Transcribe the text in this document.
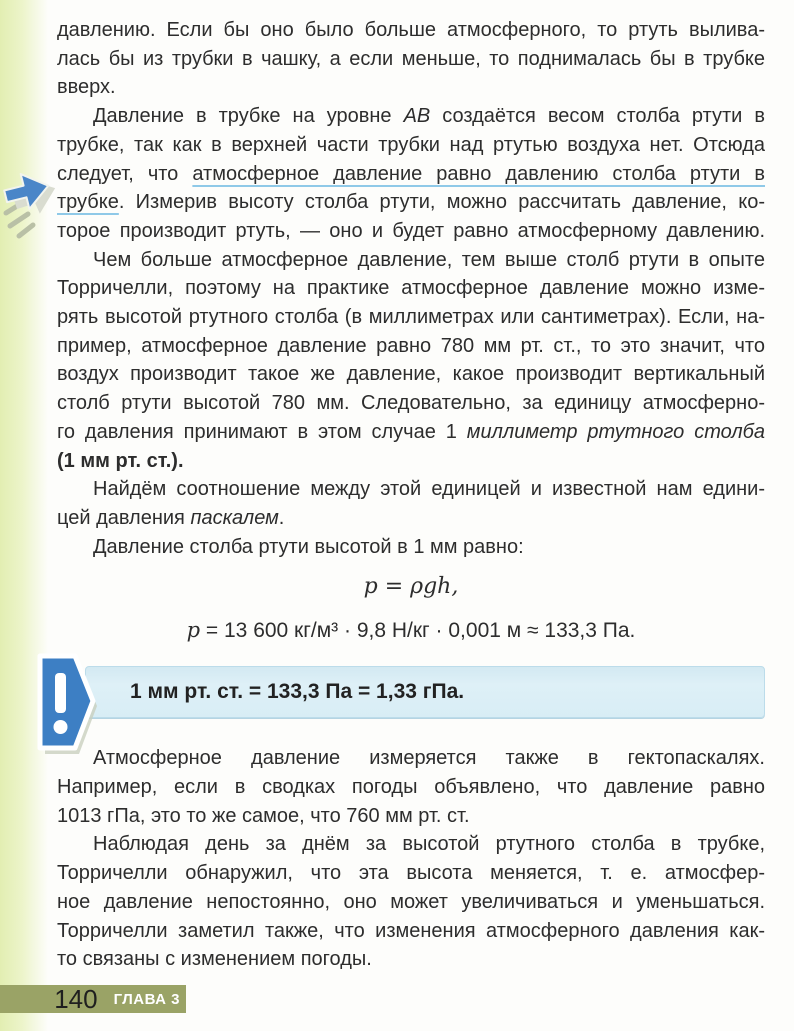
давлению. Если бы оно было больше атмосферного, то ртуть вылива-
лась бы из трубки в чашку, а если меньше, то поднималась бы в трубке
вверх.
Давление в трубке на уровне АВ создаётся весом столба ртути в
трубке, так как в верхней части трубки над ртутью воздуха нет. Отсюда
следует, что атмосферное давление равно давлению столба ртути в
трубке. Измерив высоту столба ртути, можно рассчитать давление, ко-
торое производит ртуть, — оно и будет равно атмосферному давлению.
Чем больше атмосферное давление, тем выше столб ртути в опыте
Торричелли, поэтому на практике атмосферное давление можно изме-
рять высотой ртутного столба (в миллиметрах или сантиметрах). Если, на-
пример, атмосферное давление равно 780 мм рт. ст., то это значит, что
воздух производит такое же давление, какое производит вертикальный
столб ртути высотой 780 мм. Следовательно, за единицу атмосферно-
го давления принимают в этом случае 1 миллиметр ртутного столба
(1 мм рт. ст.).
Найдём соотношение между этой единицей и известной нам едини-
цей давления паскалем.
Давление столба ртути высотой в 1 мм равно:
p = ρgh,
p = 13 600 кг/м³ · 9,8 Н/кг · 0,001 м ≈ 133,3 Па.
1 мм рт. ст. = 133,3 Па = 1,33 гПа.
Атмосферное давление измеряется также в гектопаскалях.
Например, если в сводках погоды объявлено, что давление равно
1013 гПа, это то же самое, что 760 мм рт. ст.
Наблюдая день за днём за высотой ртутного столба в трубке,
Торричелли обнаружил, что эта высота меняется, т. е. атмосфер-
ное давление непостоянно, оно может увеличиваться и уменьшаться.
Торричелли заметил также, что изменения атмосферного давления как-
то связаны с изменением погоды.
140 ГЛАВА 3
